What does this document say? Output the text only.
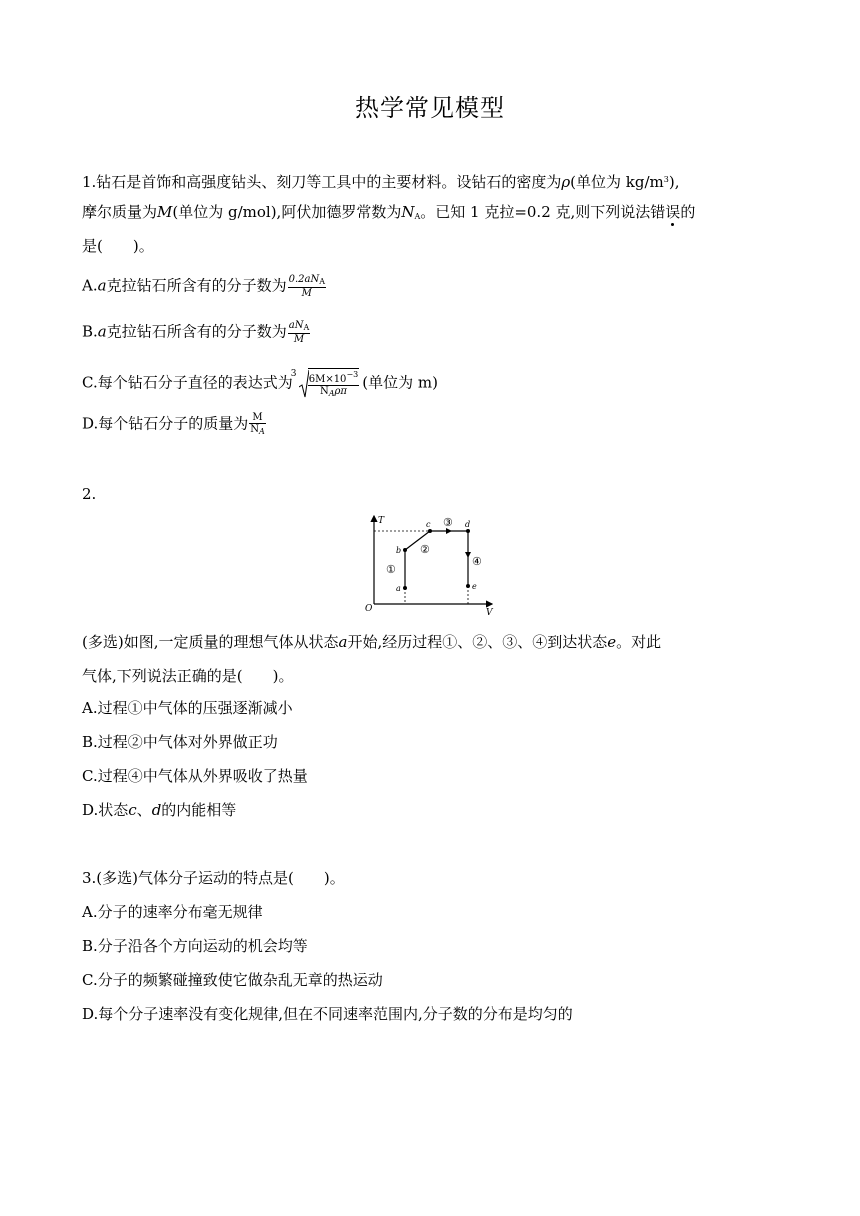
热学常见模型
1.钻石是首饰和高强度钻头、刻刀等工具中的主要材料。设钻石的密度为ρ(单位为 $kg/m^3$),
摩尔质量为M(单位为 g/mol),阿伏加德罗常数为$N_A$。已知 1 克拉=0.2 克,则下列说法错误的
是(　　)。
A.a克拉钻石所含有的分子数为 $\frac{0.2aN_A}{M}$
B.a克拉钻石所含有的分子数为 $\frac{aN_A}{M}$
C.每个钻石分子直径的表达式为
$3 \frac{6M\times 10^{-3}}{N_A\rho\pi}$ (单位为 m)
D.每个钻石分子的质量为 $\frac{M}{N_A}$
2.
T
V
O
a
b
c	d
e
①
②
③
④
(多选)如图,一定质量的理想气体从状态a开始,经历过程①、②、③、④到达状态e。对此
气体,下列说法正确的是(　　)。
A.过程①中气体的压强逐渐减小
B.过程②中气体对外界做正功
C.过程④中气体从外界吸收了热量
D.状态c、d的内能相等
3.(多选)气体分子运动的特点是(　　)。
A.分子的速率分布毫无规律
B.分子沿各个方向运动的机会均等
C.分子的频繁碰撞致使它做杂乱无章的热运动
D.每个分子速率没有变化规律,但在不同速率范围内,分子数的分布是均匀的
